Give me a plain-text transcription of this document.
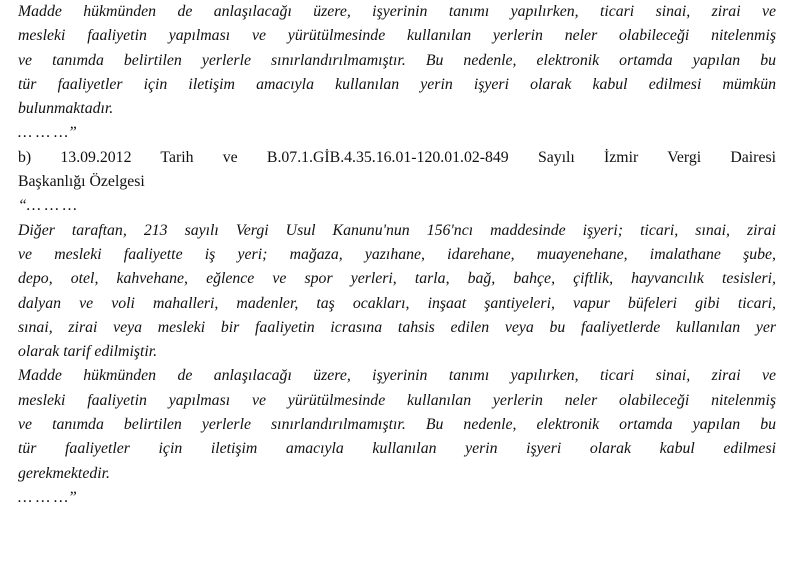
Madde hükmünden de anlaşılacağı üzere, işyerinin tanımı yapılırken, ticari sinai, zirai ve
mesleki faaliyetin yapılması ve yürütülmesinde kullanılan yerlerin neler olabileceği nitelenmiş
ve tanımda belirtilen yerlerle sınırlandırılmamıştır. Bu nedenle, elektronik ortamda yapılan bu
tür faaliyetler için iletişim amacıyla kullanılan yerin işyeri olarak kabul edilmesi mümkün
bulunmaktadır.
… … …”
b) 13.09.2012 Tarih ve B.07.1.GİB.4.35.16.01-120.01.02-849 Sayılı İzmir Vergi Dairesi
Başkanlığı Özelgesi
“… … …
Diğer taraftan, 213 sayılı Vergi Usul Kanunu'nun 156'ncı maddesinde işyeri; ticari, sınai, zirai
ve mesleki faaliyette iş yeri; mağaza, yazıhane, idarehane, muayenehane, imalathane şube,
depo, otel, kahvehane, eğlence ve spor yerleri, tarla, bağ, bahçe, çiftlik, hayvancılık tesisleri,
dalyan ve voli mahalleri, madenler, taş ocakları, inşaat şantiyeleri, vapur büfeleri gibi ticari,
sınai, zirai veya mesleki bir faaliyetin icrasına tahsis edilen veya bu faaliyetlerde kullanılan yer
olarak tarif edilmiştir.
Madde hükmünden de anlaşılacağı üzere, işyerinin tanımı yapılırken, ticari sinai, zirai ve
mesleki faaliyetin yapılması ve yürütülmesinde kullanılan yerlerin neler olabileceği nitelenmiş
ve tanımda belirtilen yerlerle sınırlandırılmamıştır. Bu nedenle, elektronik ortamda yapılan bu
tür faaliyetler için iletişim amacıyla kullanılan yerin işyeri olarak kabul edilmesi
gerekmektedir.
… … …”
